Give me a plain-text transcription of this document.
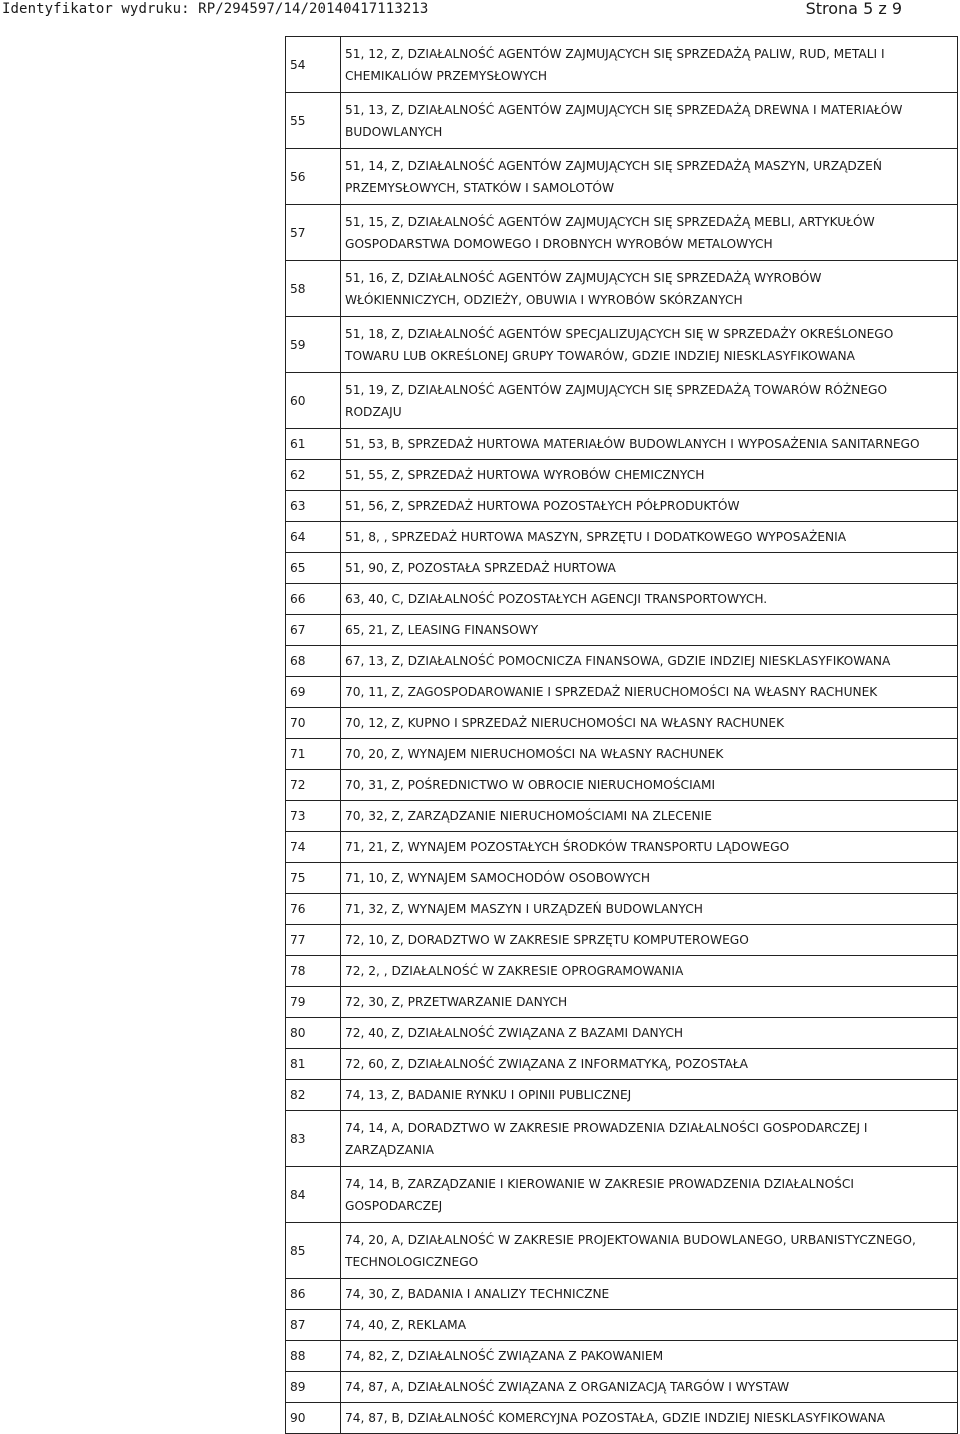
Identyfikator wydruku: RP/294597/14/20140417113213	Strona 5 z 9
54	51, 12, Z, DZIAŁALNOŚĆ AGENTÓW ZAJMUJĄCYCH SIĘ SPRZEDAŻĄ PALIW, RUD, METALI I
CHEMIKALIÓW PRZEMYSŁOWYCH

55	51, 13, Z, DZIAŁALNOŚĆ AGENTÓW ZAJMUJĄCYCH SIĘ SPRZEDAŻĄ DREWNA I MATERIAŁÓW
BUDOWLANYCH

56	51, 14, Z, DZIAŁALNOŚĆ AGENTÓW ZAJMUJĄCYCH SIĘ SPRZEDAŻĄ MASZYN, URZĄDZEŃ
PRZEMYSŁOWYCH, STATKÓW I SAMOLOTÓW

57	51, 15, Z, DZIAŁALNOŚĆ AGENTÓW ZAJMUJĄCYCH SIĘ SPRZEDAŻĄ MEBLI, ARTYKUŁÓW
GOSPODARSTWA DOMOWEGO I DROBNYCH WYROBÓW METALOWYCH

58	51, 16, Z, DZIAŁALNOŚĆ AGENTÓW ZAJMUJĄCYCH SIĘ SPRZEDAŻĄ WYROBÓW
WŁÓKIENNICZYCH, ODZIEŻY, OBUWIA I WYROBÓW SKÓRZANYCH

59	51, 18, Z, DZIAŁALNOŚĆ AGENTÓW SPECJALIZUJĄCYCH SIĘ W SPRZEDAŻY OKREŚLONEGO
TOWARU LUB OKREŚLONEJ GRUPY TOWARÓW, GDZIE INDZIEJ NIESKLASYFIKOWANA

60	51, 19, Z, DZIAŁALNOŚĆ AGENTÓW ZAJMUJĄCYCH SIĘ SPRZEDAŻĄ TOWARÓW RÓŻNEGO
RODZAJU

61	51, 53, B, SPRZEDAŻ HURTOWA MATERIAŁÓW BUDOWLANYCH I WYPOSAŻENIA SANITARNEGO

62	51, 55, Z, SPRZEDAŻ HURTOWA WYROBÓW CHEMICZNYCH

63	51, 56, Z, SPRZEDAŻ HURTOWA POZOSTAŁYCH PÓŁPRODUKTÓW

64	51, 8, , SPRZEDAŻ HURTOWA MASZYN, SPRZĘTU I DODATKOWEGO WYPOSAŻENIA

65	51, 90, Z, POZOSTAŁA SPRZEDAŻ HURTOWA

66	63, 40, C, DZIAŁALNOŚĆ POZOSTAŁYCH AGENCJI TRANSPORTOWYCH.

67	65, 21, Z, LEASING FINANSOWY

68	67, 13, Z, DZIAŁALNOŚĆ POMOCNICZA FINANSOWA, GDZIE INDZIEJ NIESKLASYFIKOWANA

69	70, 11, Z, ZAGOSPODAROWANIE I SPRZEDAŻ NIERUCHOMOŚCI NA WŁASNY RACHUNEK

70	70, 12, Z, KUPNO I SPRZEDAŻ NIERUCHOMOŚCI NA WŁASNY RACHUNEK

71	70, 20, Z, WYNAJEM NIERUCHOMOŚCI NA WŁASNY RACHUNEK

72	70, 31, Z, POŚREDNICTWO W OBROCIE NIERUCHOMOŚCIAMI

73	70, 32, Z, ZARZĄDZANIE NIERUCHOMOŚCIAMI NA ZLECENIE

74	71, 21, Z, WYNAJEM POZOSTAŁYCH ŚRODKÓW TRANSPORTU LĄDOWEGO

75	71, 10, Z, WYNAJEM SAMOCHODÓW OSOBOWYCH

76	71, 32, Z, WYNAJEM MASZYN I URZĄDZEŃ BUDOWLANYCH

77	72, 10, Z, DORADZTWO W ZAKRESIE SPRZĘTU KOMPUTEROWEGO

78	72, 2, , DZIAŁALNOŚĆ W ZAKRESIE OPROGRAMOWANIA

79	72, 30, Z, PRZETWARZANIE DANYCH

80	72, 40, Z, DZIAŁALNOŚĆ ZWIĄZANA Z BAZAMI DANYCH

81	72, 60, Z, DZIAŁALNOŚĆ ZWIĄZANA Z INFORMATYKĄ, POZOSTAŁA

82	74, 13, Z, BADANIE RYNKU I OPINII PUBLICZNEJ

83	74, 14, A, DORADZTWO W ZAKRESIE PROWADZENIA DZIAŁALNOŚCI GOSPODARCZEJ I
ZARZĄDZANIA

84	74, 14, B, ZARZĄDZANIE I KIEROWANIE W ZAKRESIE PROWADZENIA DZIAŁALNOŚCI
GOSPODARCZEJ

85	74, 20, A, DZIAŁALNOŚĆ W ZAKRESIE PROJEKTOWANIA BUDOWLANEGO, URBANISTYCZNEGO,
TECHNOLOGICZNEGO

86	74, 30, Z, BADANIA I ANALIZY TECHNICZNE

87	74, 40, Z, REKLAMA

88	74, 82, Z, DZIAŁALNOŚĆ ZWIĄZANA Z PAKOWANIEM

89	74, 87, A, DZIAŁALNOŚĆ ZWIĄZANA Z ORGANIZACJĄ TARGÓW I WYSTAW

90	74, 87, B, DZIAŁALNOŚĆ KOMERCYJNA POZOSTAŁA, GDZIE INDZIEJ NIESKLASYFIKOWANA
